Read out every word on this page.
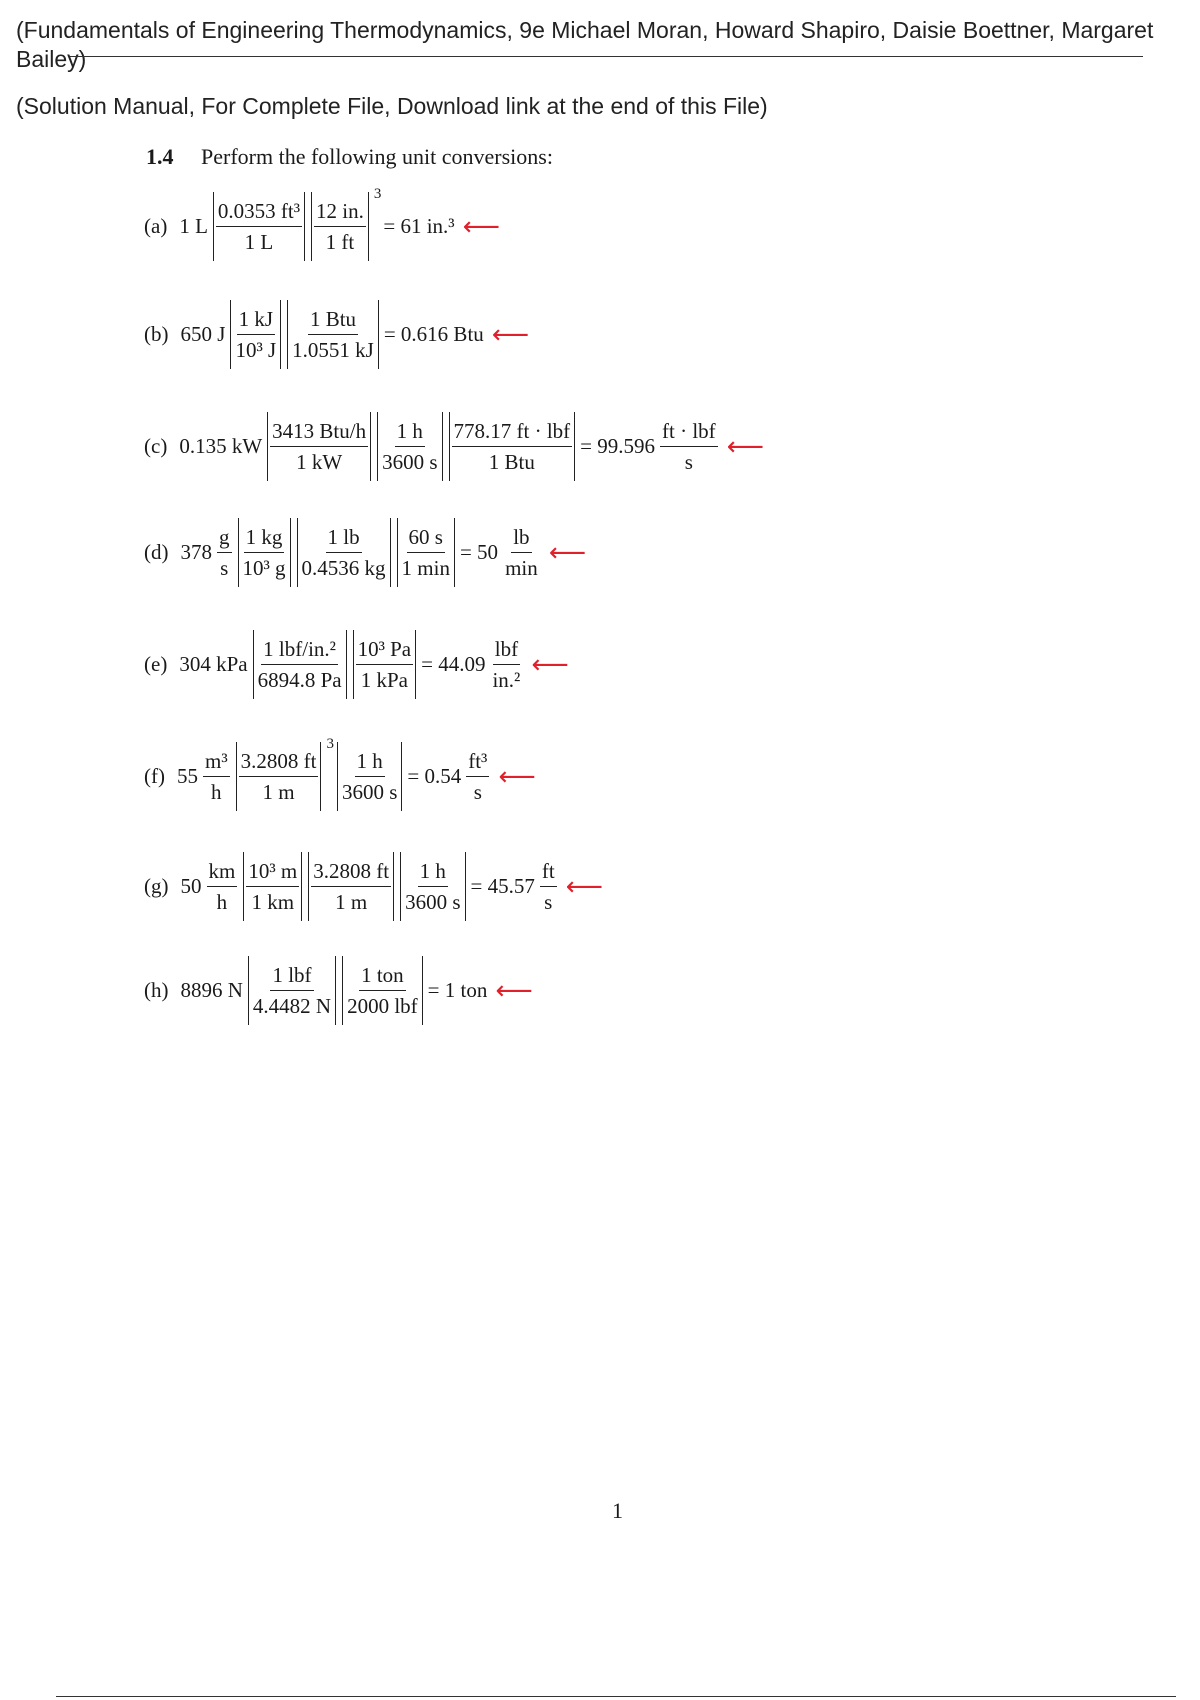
(Fundamentals of Engineering Thermodynamics, 9e Michael Moran, Howard Shapiro, Daisie Boettner, Margaret
Bailey)
(Solution Manual, For Complete File, Download link at the end of this File)
1.4 Perform the following unit conversions:
(a) 1 L $\frac{\text{0.0353 ft³}}{1 L} \frac{12 in.}{1 ft} 3$
= 61 in.³ ⟵
(b) 650 J $\frac{1 kJ}{\text{10³ J}} 1$ Btu
1.0551 kJ
= 0.616 Btu ⟵
(c) 0.135 kW
3413 Btu/h
1 kW $\frac{1 h}{3600 s} 778.17$ ft · lbf
1 Btu
= $99.596 \frac{\text{ft · lbf}}{s}$ ⟵
(d) $378 \frac{g}{s} \frac{1 kg}{\text{10³ g}} \frac{1 lb}{0.4536 kg} 60$ s
1 min
= $50 \frac{lb}{\min}$ ⟵
(e) 304 kPa
1 lbf/in.²
6894.8 Pa
10³ Pa
1 kPa
= $44.09 \frac{\text{lbf}}{\text{in.²}}$ ⟵
(f) $55 \frac{\text{m³}}{h} \frac{3.2808 ft}{1 m} 3 \frac{1 h}{3600 s} = 0.54 \frac{\text{ft³}}{s}$ ⟵
(g) $50 \frac{km}{h} \frac{\text{10³ m}}{1 km} \frac{3.2808 ft}{1 m} \frac{1 h}{3600 s} = 45.57 \frac{ft}{s}$ ⟵
(h) 8896 N
1 lbf
4.4482 N
1 ton
2000 lbf
= 1 ton ⟵
1
